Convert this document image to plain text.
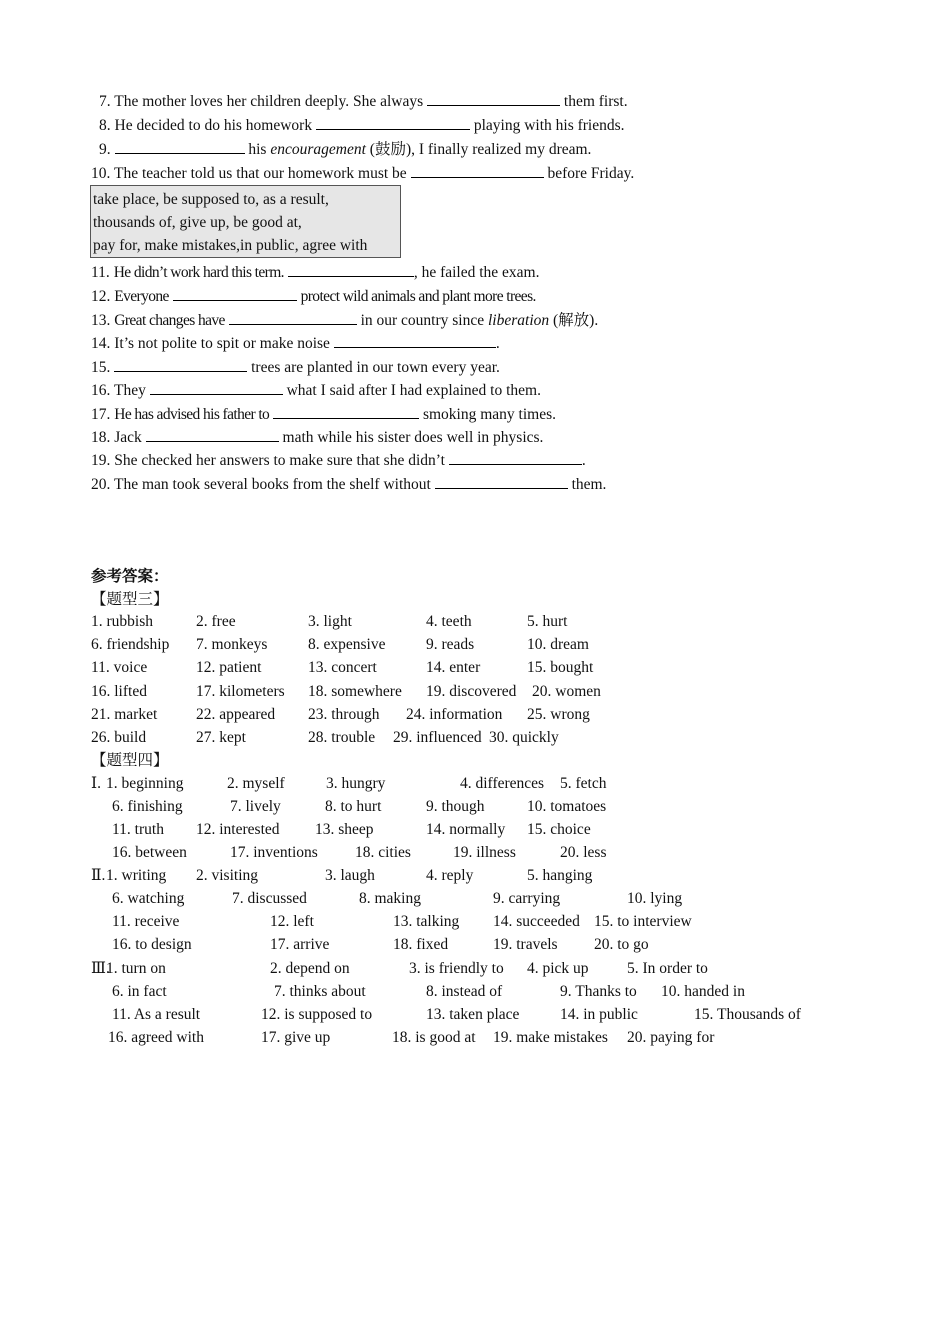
7. The mother loves her children deeply. She always	them first.
8. He decided to do his homework	playing with his friends.
9.	his encouragement (鼓励), I finally realized my dream.
10. The teacher told us that our homework must be	before Friday.
take place, be supposed to, as a result,
thousands of, give up, be good at,
pay for, make mistakes,in public, agree with
11. He didn’t work hard this term.	, he failed the exam.
12. Everyone	protect wild animals and plant more trees.
13. Great changes have	in our country since liberation (解放).
14. It’s not polite to spit or make noise	.
15.	trees are planted in our town every year.
16. They	what I said after I had explained to them.
17. He has advised his father to	smoking many times.
18. Jack	math while his sister does well in physics.
19. She checked her answers to make sure that she didn’t	.
20. The man took several books from the shelf without	them.
参考答案：
【题型三】
1. rubbish	2. free	3. light	4. teeth	5. hurt
6. friendship 7. monkeys	8. expensive	9. reads	10. dream
11. voice	12. patient	13. concert	14. enter	15. bought
16. lifted	17. kilometers 18. somewhere 19. discovered 20. women
21. market 22. appeared 23. through 24. information 25. wrong
26. build	27. kept	28. trouble 29. influenced 30. quickly
【题型四】
Ⅰ.
Ⅱ.
Ⅲ.
1. beginning	2. myself	3. hungry	4. differences 5. fetch
6. finishing	7. lively	8. to hurt	9. though	10. tomatoes
11. truth 12. interested 13. sheep	14. normally 15. choice
16. between	17. inventions 18. cities	19. illness	20. less
1. writing 2. visiting	3. laugh	4. reply	5. hanging
6. watching	7. discussed	8. making	9. carrying	10. lying
11. receive	12. left	13. talking 14. succeeded 15. to interview
16. to design	17. arrive	18. fixed	19. travels 20. to go
1. turn on	2. depend on	3. is friendly to 4. pick up 5. In order to
6. in fact	7. thinks about	8. instead of	9. Thanks to 10. handed in
11. As a result	12. is supposed to	13. taken place	14. in public	15. Thousands of
16. agreed with	17. give up	18. is good at 19. make mistakes 20. paying for
